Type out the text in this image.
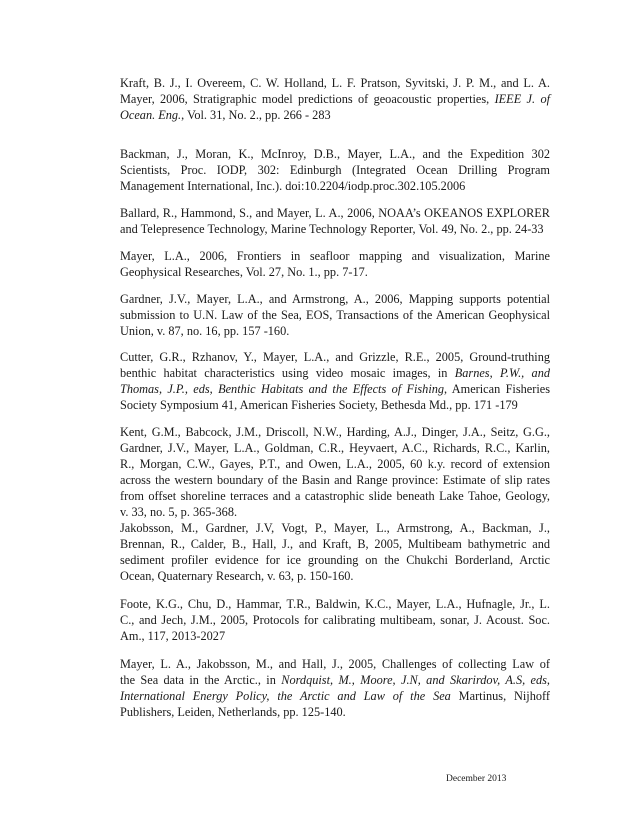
Kraft, B. J., I. Overeem, C. W. Holland, L. F. Pratson, Syvitski, J. P. M., and L. A.
Mayer, 2006, Stratigraphic model predictions of geoacoustic properties, IEEE J. of
Ocean. Eng., Vol. 31, No. 2., pp. 266 - 283

Backman, J., Moran, K., McInroy, D.B., Mayer, L.A., and the Expedition 302
Scientists, Proc. IODP, 302: Edinburgh (Integrated Ocean Drilling Program
Management International, Inc.). doi:10.2204/iodp.proc.302.105.2006

Ballard, R., Hammond, S., and Mayer, L. A., 2006, NOAA’s OKEANOS EXPLORER
and Telepresence Technology, Marine Technology Reporter, Vol. 49, No. 2., pp. 24-33

Mayer, L.A., 2006, Frontiers in seafloor mapping and visualization, Marine
Geophysical Researches, Vol. 27, No. 1., pp. 7-17.

Gardner, J.V., Mayer, L.A., and Armstrong, A., 2006, Mapping supports potential
submission to U.N. Law of the Sea, EOS, Transactions of the American Geophysical
Union, v. 87, no. 16, pp. 157 -160.

Cutter, G.R., Rzhanov, Y., Mayer, L.A., and Grizzle, R.E., 2005, Ground-truthing
benthic habitat characteristics using video mosaic images, in Barnes, P.W., and
Thomas, J.P., eds, Benthic Habitats and the Effects of Fishing, American Fisheries
Society Symposium 41, American Fisheries Society, Bethesda Md., pp. 171 -179

Kent, G.M., Babcock, J.M., Driscoll, N.W., Harding, A.J., Dinger, J.A., Seitz, G.G.,
Gardner, J.V., Mayer, L.A., Goldman, C.R., Heyvaert, A.C., Richards, R.C., Karlin,
R., Morgan, C.W., Gayes, P.T., and Owen, L.A., 2005, 60 k.y. record of extension
across the western boundary of the Basin and Range province: Estimate of slip rates
from offset shoreline terraces and a catastrophic slide beneath Lake Tahoe, Geology,
v. 33, no. 5, p. 365-368.

Jakobsson, M., Gardner, J.V, Vogt, P., Mayer, L., Armstrong, A., Backman, J.,
Brennan, R., Calder, B., Hall, J., and Kraft, B, 2005, Multibeam bathymetric and
sediment profiler evidence for ice grounding on the Chukchi Borderland, Arctic
Ocean, Quaternary Research, v. 63, p. 150-160.

Foote, K.G., Chu, D., Hammar, T.R., Baldwin, K.C., Mayer, L.A., Hufnagle, Jr., L.
C., and Jech, J.M., 2005, Protocols for calibrating multibeam, sonar, J. Acoust. Soc.
Am., 117, 2013-2027

Mayer, L. A., Jakobsson, M., and Hall, J., 2005, Challenges of collecting Law of
the Sea data in the Arctic., in Nordquist, M., Moore, J.N, and Skarirdov, A.S, eds,
International Energy Policy, the Arctic and Law of the Sea Martinus, Nijhoff
Publishers, Leiden, Netherlands, pp. 125-140.

December 2013
